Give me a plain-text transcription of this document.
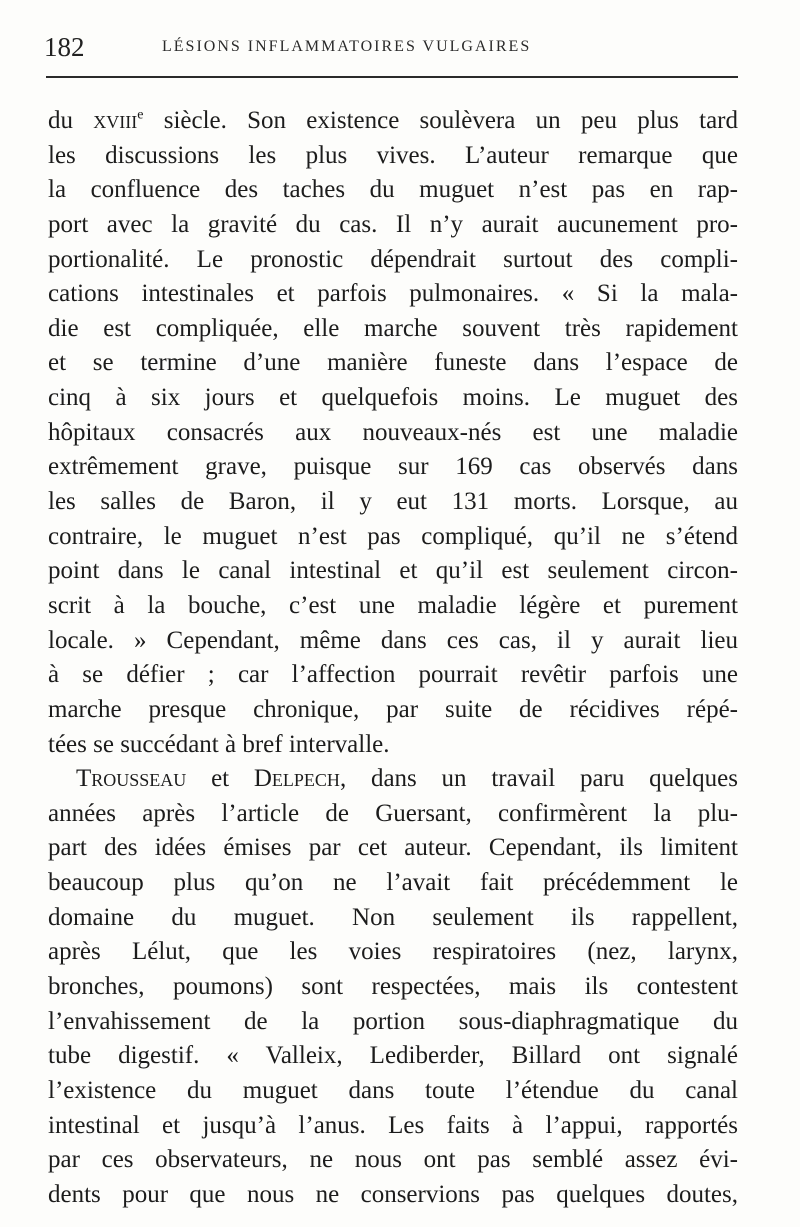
182	LÉSIONS INFLAMMATOIRES VULGAIRES
du xviii$^e$ siècle. Son existence soulèvera un peu plus tard
les discussions les plus vives. L’auteur remarque que
la confluence des taches du muguet n’est pas en rap-
port avec la gravité du cas. Il n’y aurait aucunement pro-
portionalité. Le pronostic dépendrait surtout des compli-
cations intestinales et parfois pulmonaires. « Si la mala-
die est compliquée, elle marche souvent très rapidement
et se termine d’une manière funeste dans l’espace de
cinq à six jours et quelquefois moins. Le muguet des
hôpitaux consacrés aux nouveaux-nés est une maladie
extrêmement grave, puisque sur 169 cas observés dans
les salles de Baron, il y eut 131 morts. Lorsque, au
contraire, le muguet n’est pas compliqué, qu’il ne s’étend
point dans le canal intestinal et qu’il est seulement circon-
scrit à la bouche, c’est une maladie légère et purement
locale. » Cependant, même dans ces cas, il y aurait lieu
à se défier ; car l’affection pourrait revêtir parfois une
marche presque chronique, par suite de récidives répé-
tées se succédant à bref intervalle.
Trousseau et Delpech, dans un travail paru quelques
années après l’article de Guersant, confirmèrent la plu-
part des idées émises par cet auteur. Cependant, ils limitent
beaucoup plus qu’on ne l’avait fait précédemment le
domaine du muguet. Non seulement ils rappellent,
après Lélut, que les voies respiratoires (nez, larynx,
bronches, poumons) sont respectées, mais ils contestent
l’envahissement de la portion sous-diaphragmatique du
tube digestif. « Valleix, Lediberder, Billard ont signalé
l’existence du muguet dans toute l’étendue du canal
intestinal et jusqu’à l’anus. Les faits à l’appui, rapportés
par ces observateurs, ne nous ont pas semblé assez évi-
dents pour que nous ne conservions pas quelques doutes,
